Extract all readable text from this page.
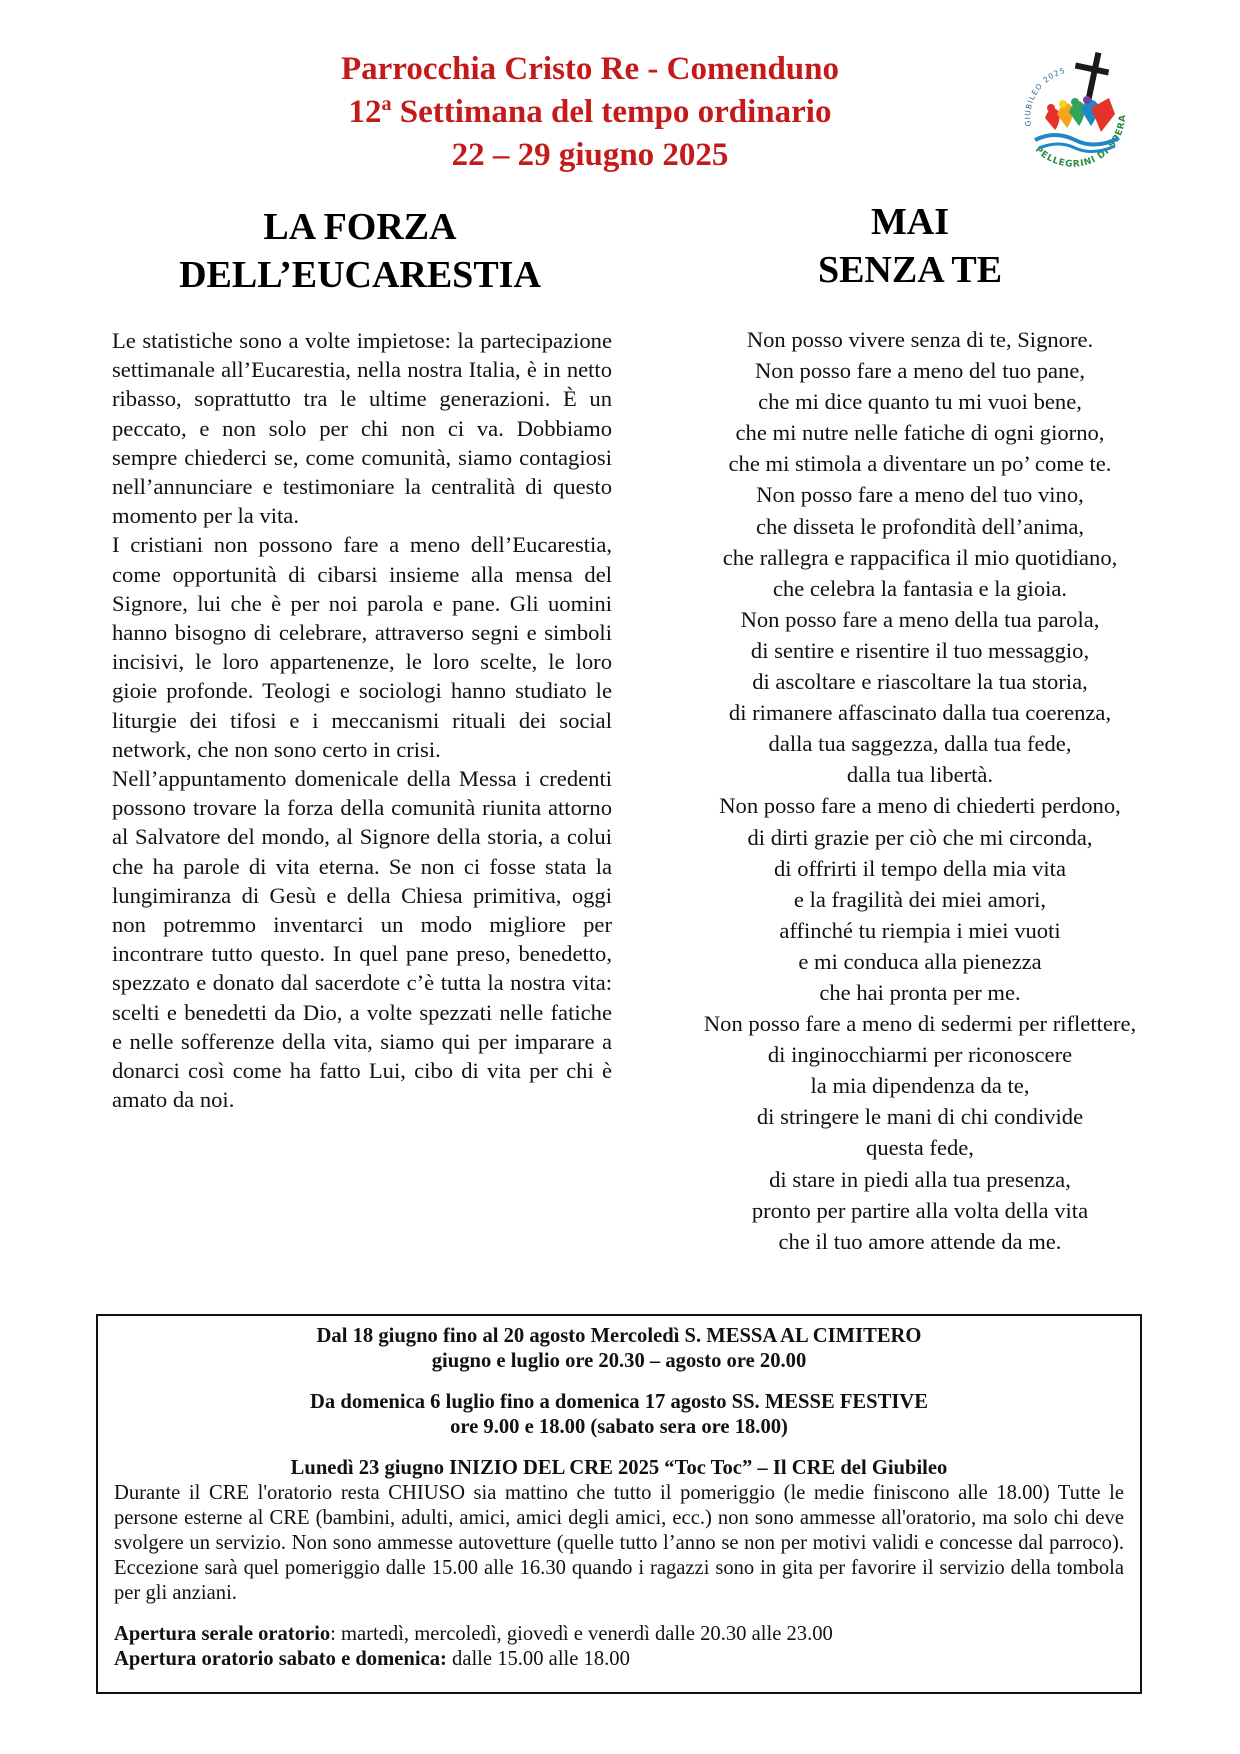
Parrocchia Cristo Re - Comenduno
12$^a$ Settimana del tempo ordinario
22 – 29 giugno 2025
GIUBILEO 2025
PELLEGRINI DI SPERA
LA FORZA
DELL’EUCARESTIA
MAI
SENZA TE

Le statistiche sono a volte impietose: la partecipazione settimanale all’Eucarestia, nella nostra Italia, è in netto ribasso, soprattutto tra le ultime generazioni. È un peccato, e non solo per chi non ci va. Dobbiamo sempre chiederci se, come comunità, siamo contagiosi nell’annunciare e testimoniare la centralità di questo momento per la vita.

I cristiani non possono fare a meno dell’Eucarestia, come opportunità di cibarsi insieme alla mensa del Signore, lui che è per noi parola e pane. Gli uomini hanno bisogno di celebrare, attraverso segni e simboli incisivi, le loro appartenenze, le loro scelte, le loro gioie profonde. Teologi e sociologi hanno studiato le liturgie dei tifosi e i meccanismi rituali dei social network, che non sono certo in crisi.

Nell’appuntamento domenicale della Messa i credenti possono trovare la forza della comunità riunita attorno al Salvatore del mondo, al Signore della storia, a colui che ha parole di vita eterna. Se non ci fosse stata la lungimiranza di Gesù e della Chiesa primitiva, oggi non potremmo inventarci un modo migliore per incontrare tutto questo. In quel pane preso, benedetto, spezzato e donato dal sacerdote c’è tutta la nostra vita: scelti e benedetti da Dio, a volte spezzati nelle fatiche e nelle sofferenze della vita, siamo qui per imparare a donarci così come ha fatto Lui, cibo di vita per chi è amato da noi.

Non posso vivere senza di te, Signore.
Non posso fare a meno del tuo pane,
che mi dice quanto tu mi vuoi bene,
che mi nutre nelle fatiche di ogni giorno,
che mi stimola a diventare un po’ come te.
Non posso fare a meno del tuo vino,
che disseta le profondità dell’anima,
che rallegra e rappacifica il mio quotidiano,
che celebra la fantasia e la gioia.
Non posso fare a meno della tua parola,
di sentire e risentire il tuo messaggio,
di ascoltare e riascoltare la tua storia,
di rimanere affascinato dalla tua coerenza,
dalla tua saggezza, dalla tua fede,
dalla tua libertà.
Non posso fare a meno di chiederti perdono,
di dirti grazie per ciò che mi circonda,
di offrirti il tempo della mia vita
e la fragilità dei miei amori,
affinché tu riempia i miei vuoti
e mi conduca alla pienezza
che hai pronta per me.
Non posso fare a meno di sedermi per riflettere,
di inginocchiarmi per riconoscere
la mia dipendenza da te,
di stringere le mani di chi condivide
questa fede,
di stare in piedi alla tua presenza,
pronto per partire alla volta della vita
che il tuo amore attende da me.
Dal 18 giugno fino al 20 agosto Mercoledì S. MESSA AL CIMITERO
giugno e luglio ore 20.30 – agosto ore 20.00
Da domenica 6 luglio fino a domenica 17 agosto SS. MESSE FESTIVE
ore 9.00 e 18.00 (sabato sera ore 18.00)
Lunedì 23 giugno INIZIO DEL CRE 2025 “Toc Toc” – Il CRE del Giubileo
Durante il CRE l'oratorio resta CHIUSO sia mattino che tutto il pomeriggio (le medie finiscono alle 18.00) Tutte le persone esterne al CRE (bambini, adulti, amici, amici degli amici, ecc.) non sono ammesse all'oratorio, ma solo chi deve svolgere un servizio. Non sono ammesse autovetture (quelle tutto l’anno se non per motivi validi e concesse dal parroco). Eccezione sarà quel pomeriggio dalle 15.00 alle 16.30 quando i ragazzi sono in gita per favorire il servizio della tombola per gli anziani.
Apertura serale oratorio: martedì, mercoledì, giovedì e venerdì dalle 20.30 alle 23.00
Apertura oratorio sabato e domenica: dalle 15.00 alle 18.00
